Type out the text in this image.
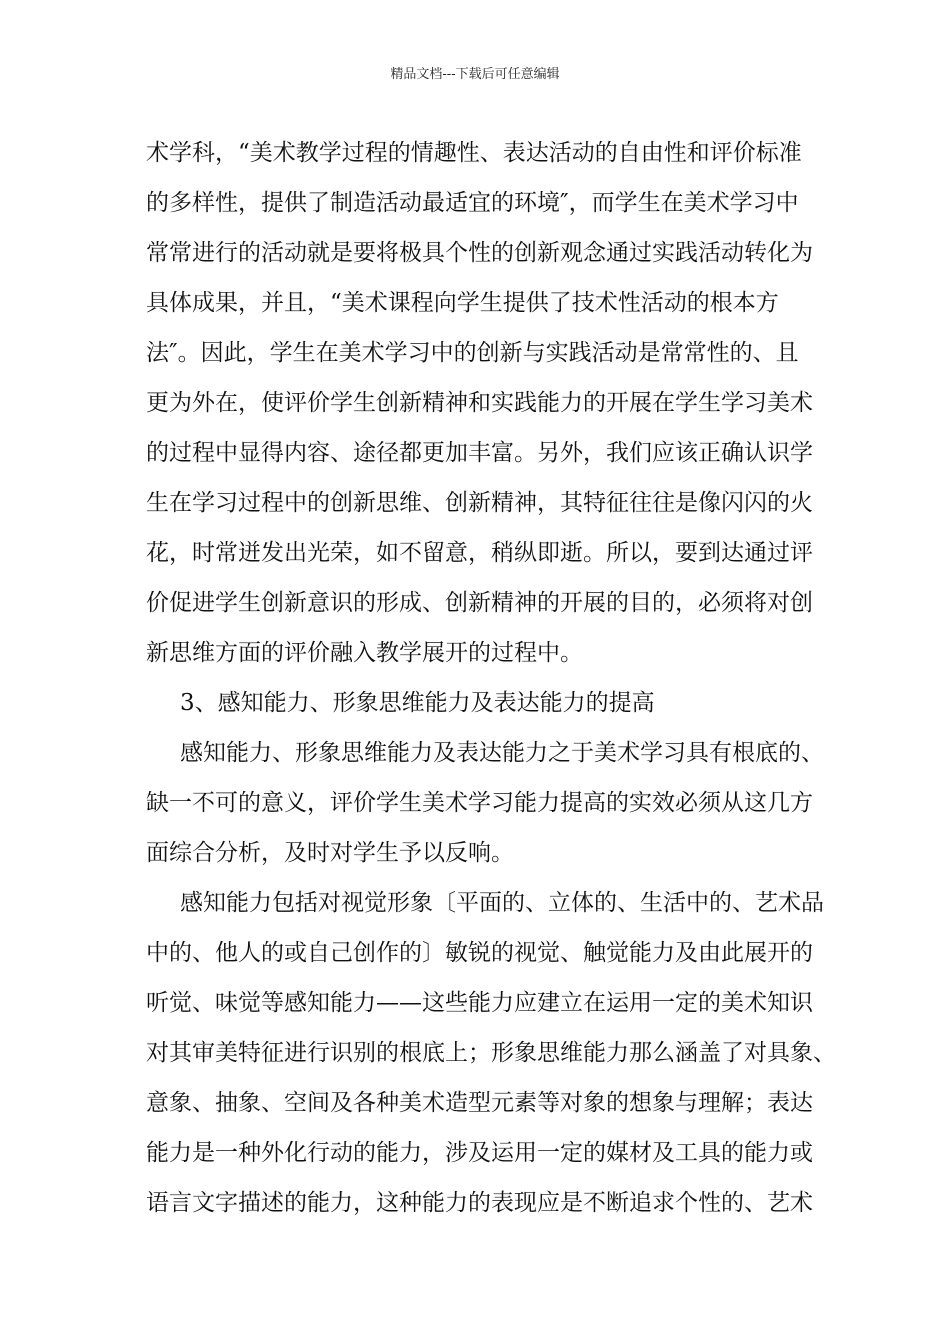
精品文档---下载后可任意编辑
术学科，“美术教学过程的情趣性、表达活动的自由性和评价标准
的多样性，提供了制造活动最适宜的环境″，而学生在美术学习中
常常进行的活动就是要将极具个性的创新观念通过实践活动转化为
具体成果，并且，“美术课程向学生提供了技术性活动的根本方
法″。因此，学生在美术学习中的创新与实践活动是常常性的、且
更为外在，使评价学生创新精神和实践能力的开展在学生学习美术
的过程中显得内容、途径都更加丰富。另外，我们应该正确认识学
生在学习过程中的创新思维、创新精神，其特征往往是像闪闪的火
花，时常迸发出光荣，如不留意，稍纵即逝。所以，要到达通过评
价促进学生创新意识的形成、创新精神的开展的目的，必须将对创
新思维方面的评价融入教学展开的过程中。
3、感知能力、形象思维能力及表达能力的提高
感知能力、形象思维能力及表达能力之于美术学习具有根底的、
缺一不可的意义，评价学生美术学习能力提高的实效必须从这几方
面综合分析，及时对学生予以反响。
感知能力包括对视觉形象〔平面的、立体的、生活中的、艺术品
中的、他人的或自己创作的〕敏锐的视觉、触觉能力及由此展开的
听觉、味觉等感知能力——这些能力应建立在运用一定的美术知识
对其审美特征进行识别的根底上；形象思维能力那么涵盖了对具象、
意象、抽象、空间及各种美术造型元素等对象的想象与理解；表达
能力是一种外化行动的能力，涉及运用一定的媒材及工具的能力或
语言文字描述的能力，这种能力的表现应是不断追求个性的、艺术
